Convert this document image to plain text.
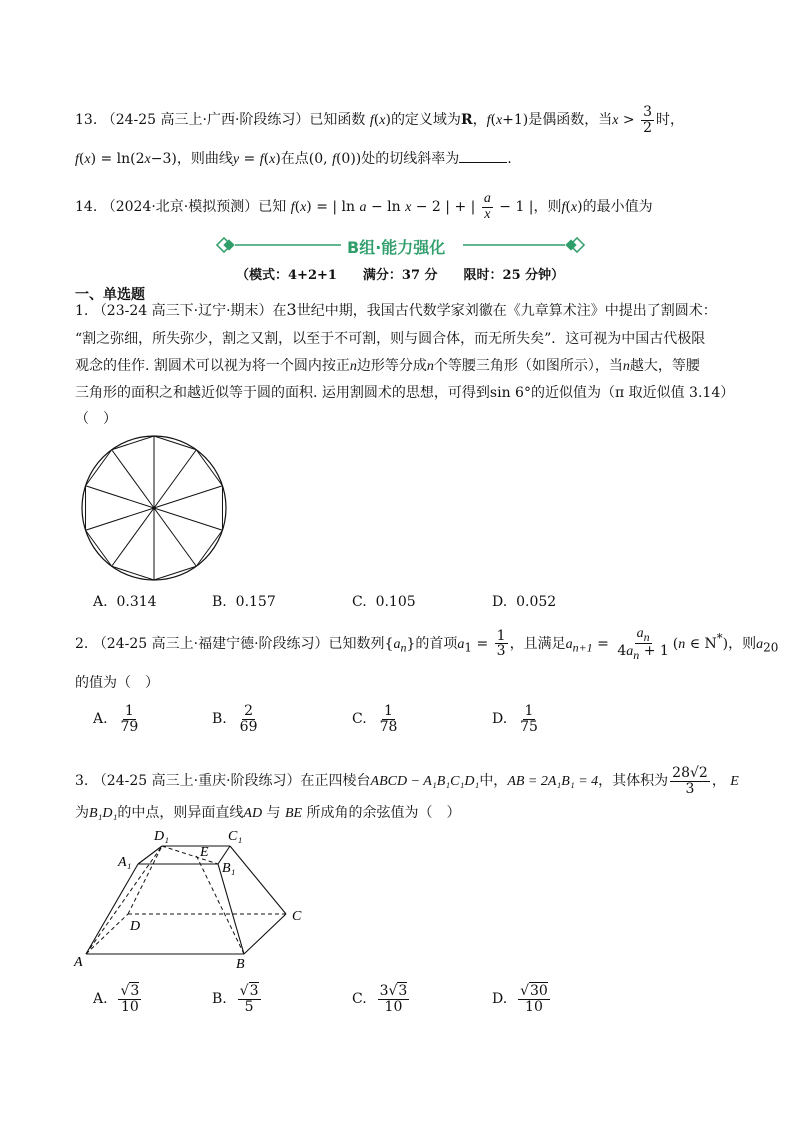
13. （24-25 高三上·广西·阶段练习）已知函数 f(x)的定义域为R，f(x+1)是偶函数，当$x > \frac{3}{2}$ 时，
f(x) = ln(2x−3)，则曲线y = f(x)在点(0, f(0))处的切线斜率为	.
14. （2024·北京·模拟预测）已知 f(x) = | ln a − ln x − 2 | + | $\frac{a}{x} - 1$ |，则f(x)的最小值为
B组·能力强化
（模式：4+2+1　　满分：37 分　　限时：25 分钟）
一、单选题
1. （23-24 高三下·辽宁·期末）在3世纪中期，我国古代数学家刘徽在《九章算术注》中提出了割圆术：
“割之弥细，所失弥少，割之又割，以至于不可割，则与圆合体，而无所失矣”．这可视为中国古代极限
观念的佳作. 割圆术可以视为将一个圆内按正n边形等分成n个等腰三角形（如图所示），当n越大，等腰
三角形的面积之和越近似等于圆的面积. 运用割圆术的思想，可得到sin 6°的近似值为（π 取近似值 3.14）
（　）
A. 0.314	B. 0.157	C. 0.105	D. 0.052
2. （24-25 高三上·福建宁德·阶段练习）已知数列$\{a_n\}$的首项$a_1 = \frac{1}{3}$ ，且满足$a_{n+1} = \frac{a_n}{4a_n + 1} (n$ ∈ N*)，则$a_{20}$
的值为（　）
A. $\frac{1}{79}$	B. $\frac{2}{69}$	C. $\frac{1}{78}$	D. $\frac{1}{75}$
3. （24-25 高三上·重庆·阶段练习）在正四棱台ABCD − A₁B₁C₁D₁中，AB = 2A₁B₁ = 4，其体积为 $\frac{28√2}{3}$ ， E
为B₁D₁的中点，则异面直线AD 与 BE 所成角的余弦值为（　）
D₁	C₁
A₁
E
B₁
D
C
A	B
A. $\frac{√3}{10}$	B. $\frac{√3}{5}$	C. $\frac{3√3}{10}$	D. $\frac{√30}{10}$
